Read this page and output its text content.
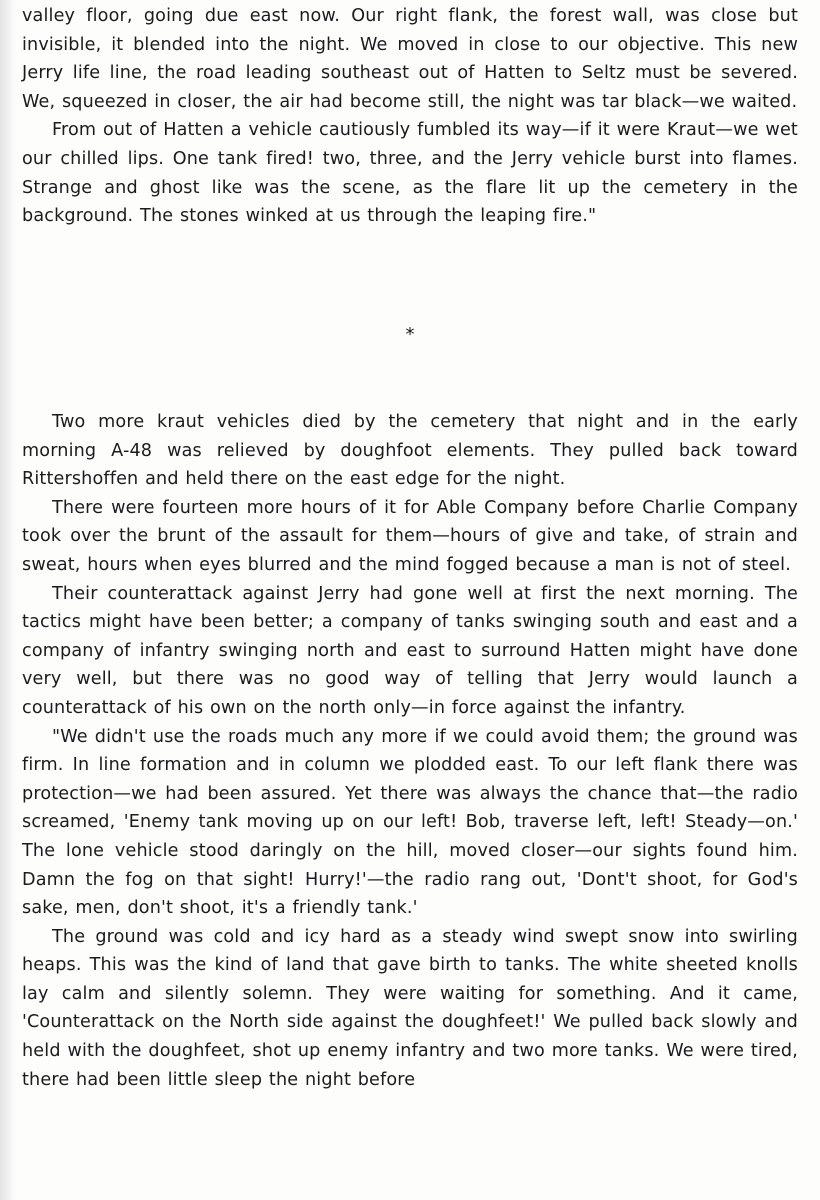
valley floor, going due east now. Our right flank, the forest wall, was close but invisible, it blended into the night. We moved in close to our objective. This new Jerry life line, the road leading southeast out of Hatten to Seltz must be severed. We, squeezed in closer, the air had become still, the night was tar black—we waited.

From out of Hatten a vehicle cautiously fumbled its way—if it were Kraut—we wet our chilled lips. One tank fired! two, three, and the Jerry vehicle burst into flames. Strange and ghost like was the scene, as the flare lit up the cemetery in the background. The stones winked at us through the leaping fire."

*

Two more kraut vehicles died by the cemetery that night and in the early morning A-48 was relieved by doughfoot elements. They pulled back toward Rittershoffen and held there on the east edge for the night.

There were fourteen more hours of it for Able Company before Charlie Company took over the brunt of the assault for them—hours of give and take, of strain and sweat, hours when eyes blurred and the mind fogged because a man is not of steel.

Their counterattack against Jerry had gone well at first the next morning. The tactics might have been better; a company of tanks swinging south and east and a company of infantry swinging north and east to surround Hatten might have done very well, but there was no good way of telling that Jerry would launch a counterattack of his own on the north only—in force against the infantry.

"We didn't use the roads much any more if we could avoid them; the ground was firm. In line formation and in column we plodded east. To our left flank there was protection—we had been assured. Yet there was always the chance that—the radio screamed, 'Enemy tank moving up on our left! Bob, traverse left, left! Steady—on.' The lone vehicle stood daringly on the hill, moved closer—our sights found him. Damn the fog on that sight! Hurry!'—the radio rang out, 'Dont't shoot, for God's sake, men, don't shoot, it's a friendly tank.'

The ground was cold and icy hard as a steady wind swept snow into swirling heaps. This was the kind of land that gave birth to tanks. The white sheeted knolls lay calm and silently solemn. They were waiting for something. And it came, 'Counterattack on the North side against the doughfeet!' We pulled back slowly and held with the doughfeet, shot up enemy infantry and two more tanks. We were tired, there had been little sleep the night before
